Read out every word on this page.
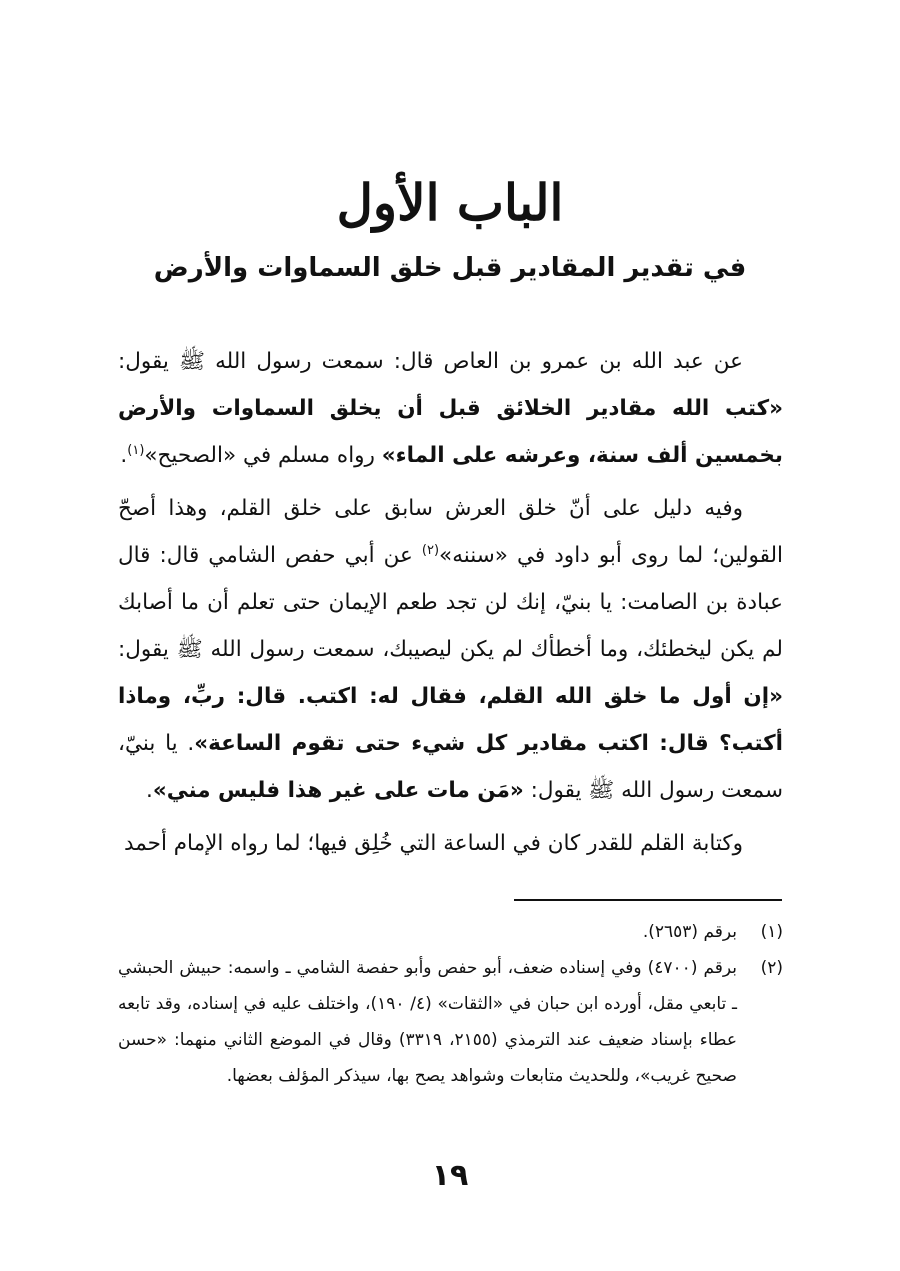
الباب الأول
في تقدير المقادير قبل خلق السماوات والأرض

عن عبد الله بن عمرو بن العاص قال: سمعت رسول الله ﷺ يقول: «كتب الله مقادير الخلائق قبل أن يخلق السماوات والأرض بخمسين ألف سنة، وعرشه على الماء» رواه مسلم في «الصحيح»$^{(١)}$.

وفيه دليل على أنّ خلق العرش سابق على خلق القلم، وهذا أصحّ القولين؛ لما روى أبو داود في «سننه»$^{(٢)}$ عن أبي حفص الشامي قال: قال عبادة بن الصامت: يا بنيّ، إنك لن تجد طعم الإيمان حتى تعلم أن ما أصابك لم يكن ليخطئك، وما أخطأك لم يكن ليصيبك، سمعت رسول الله ﷺ يقول: «إن أول ما خلق الله القلم، فقال له: اكتب. قال: ربِّ، وماذا أكتب؟ قال: اكتب مقادير كل شيء حتى تقوم الساعة». يا بنيّ، سمعت رسول الله ﷺ يقول: «مَن مات على غير هذا فليس مني».

وكتابة القلم للقدر كان في الساعة التي خُلِق فيها؛ لما رواه الإمام أحمد

(١)
برقم (٢٦٥٣).
(٢)
برقم (٤٧٠٠) وفي إسناده ضعف، أبو حفص وأبو حفصة الشامي ـ واسمه: حبيش الحبشي ـ تابعي مقل، أورده ابن حبان في «الثقات» (٤/ ١٩٠)، واختلف عليه في إسناده، وقد تابعه عطاء بإسناد ضعيف عند الترمذي (٢١٥٥، ٣٣١٩) وقال في الموضع الثاني منهما: «حسن صحيح غريب»، وللحديث متابعات وشواهد يصح بها، سيذكر المؤلف بعضها.
١٩
